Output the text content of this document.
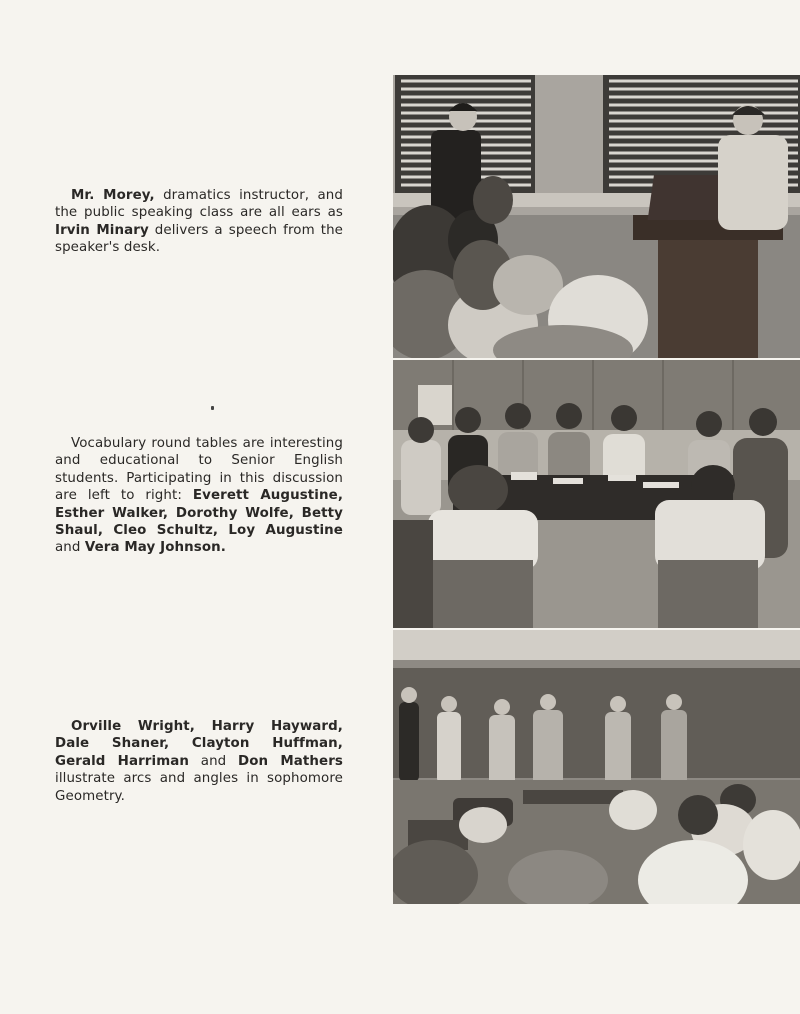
Mr. Morey, dramatics instructor, and the public speaking class are all ears as Irvin Minary delivers a speech from the speaker's desk.
Vocabulary round tables are interesting and educational to Senior English students. Participating in this discussion are left to right: Everett Augustine, Esther Walker, Dorothy Wolfe, Betty Shaul, Cleo Schultz, Loy Augustine and Vera May Johnson.
Orville Wright, Harry Hayward, Dale Shaner, Clayton Huffman, Gerald Harriman and Don Mathers illustrate arcs and angles in sophomore Geometry.
